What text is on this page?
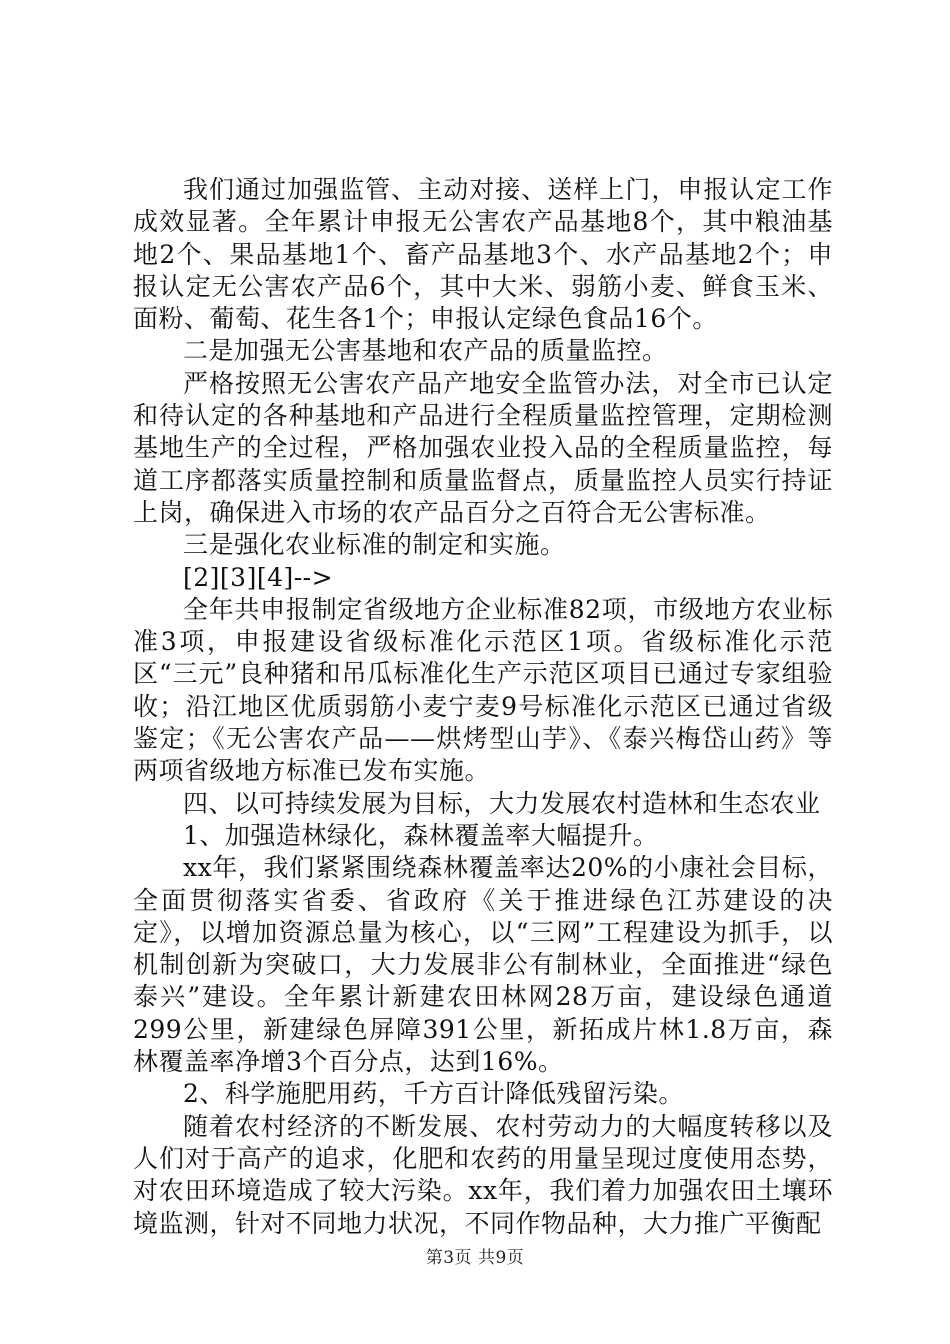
我们通过加强监管、主动对接、送样上门，申报认定工作成效显著。全年累计申报无公害农产品基地8个，其中粮油基地2个、果品基地1个、畜产品基地3个、水产品基地2个；申报认定无公害农产品6个，其中大米、弱筋小麦、鲜食玉米、面粉、葡萄、花生各1个；申报认定绿色食品16个。

二是加强无公害基地和农产品的质量监控。

严格按照无公害农产品产地安全监管办法，对全市已认定和待认定的各种基地和产品进行全程质量监控管理，定期检测基地生产的全过程，严格加强农业投入品的全程质量监控，每道工序都落实质量控制和质量监督点，质量监控人员实行持证上岗，确保进入市场的农产品百分之百符合无公害标准。

三是强化农业标准的制定和实施。

[2][3][4]-->

全年共申报制定省级地方企业标准82项，市级地方农业标准3项，申报建设省级标准化示范区1项。省级标准化示范区“三元”良种猪和吊瓜标准化生产示范区项目已通过专家组验收；沿江地区优质弱筋小麦宁麦9号标准化示范区已通过省级鉴定；《无公害农产品——烘烤型山芋》、《泰兴梅岱山药》等两项省级地方标准已发布实施。

四、以可持续发展为目标，大力发展农村造林和生态农业

1、加强造林绿化，森林覆盖率大幅提升。

xx年，我们紧紧围绕森林覆盖率达20%的小康社会目标，全面贯彻落实省委、省政府《关于推进绿色江苏建设的决定》，以增加资源总量为核心，以“三网”工程建设为抓手，以机制创新为突破口，大力发展非公有制林业，全面推进“绿色泰兴”建设。全年累计新建农田林网28万亩，建设绿色通道299公里，新建绿色屏障391公里，新拓成片林1.8万亩，森林覆盖率净增3个百分点，达到16%。

2、科学施肥用药，千方百计降低残留污染。

随着农村经济的不断发展、农村劳动力的大幅度转移以及人们对于高产的追求，化肥和农药的用量呈现过度使用态势，对农田环境造成了较大污染。xx年，我们着力加强农田土壤环境监测，针对不同地力状况，不同作物品种，大力推广平衡配

第3页 共9页
